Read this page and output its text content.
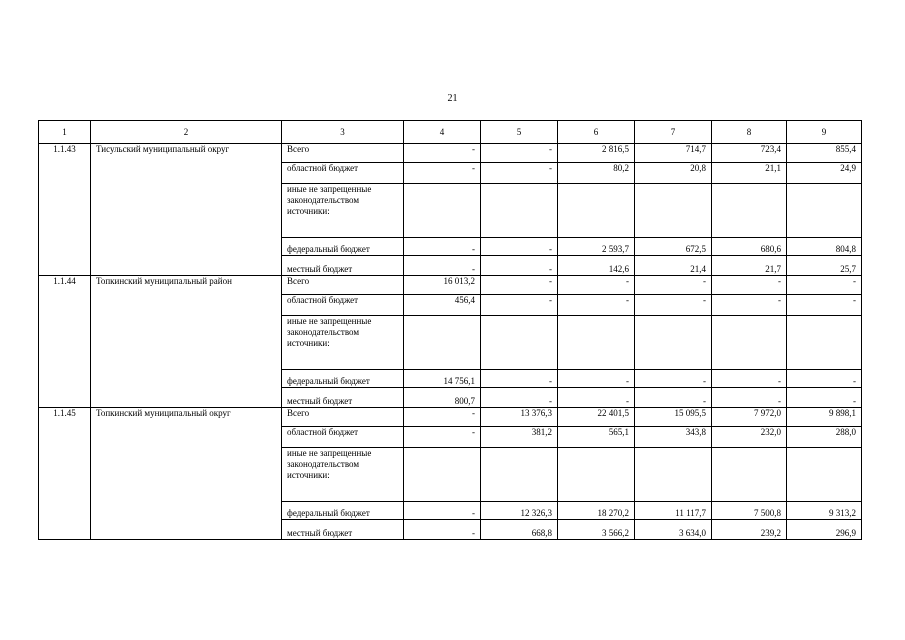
21
1	2	3	4	5	6	7	8	9
1.1.43	Тисульский муниципальный округ	Всего	-	-	2 816,5	714,7	723,4	855,4
		областной бюджет	-	-	80,2	20,8	21,1	24,9
		иные не запрещенные законодательством источники:						
		федеральный бюджет	-	-	2 593,7	672,5	680,6	804,8
		местный бюджет	-	-	142,6	21,4	21,7	25,7
1.1.44	Топкинский муниципальный район	Всего	16 013,2	-	-	-	-	-
		областной бюджет	456,4	-	-	-	-	-
		иные не запрещенные законодательством источники:						
		федеральный бюджет	14 756,1	-	-	-	-	-
		местный бюджет	800,7	-	-	-	-	-
1.1.45	Топкинский муниципальный округ	Всего	-	13 376,3	22 401,5	15 095,5	7 972,0	9 898,1
		областной бюджет	-	381,2	565,1	343,8	232,0	288,0
		иные не запрещенные законодательством источники:						
		федеральный бюджет	-	12 326,3	18 270,2	11 117,7	7 500,8	9 313,2
		местный бюджет	-	668,8	3 566,2	3 634,0	239,2	296,9
